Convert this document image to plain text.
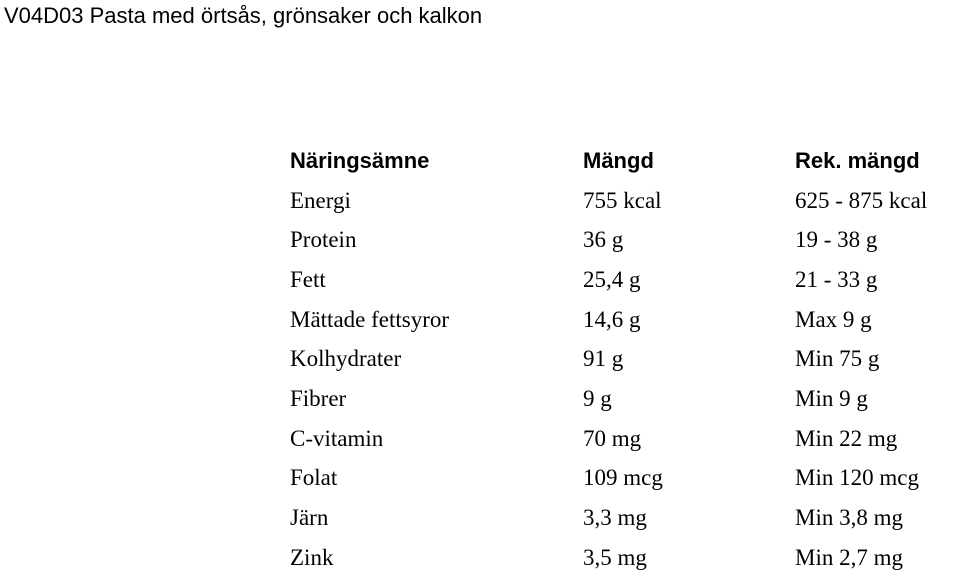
V04D03 Pasta med örtsås, grönsaker och kalkon
Näringsämne	Mängd	Rek. mängd
Energi	755 kcal	625 - 875 kcal
Protein	36 g	19 - 38 g
Fett	25,4 g	21 - 33 g
Mättade fettsyror	14,6 g	Max 9 g
Kolhydrater	91 g	Min 75 g
Fibrer	9 g	Min 9 g
C-vitamin	70 mg	Min 22 mg
Folat	109 mcg	Min 120 mcg
Järn	3,3 mg	Min 3,8 mg
Zink	3,5 mg	Min 2,7 mg
